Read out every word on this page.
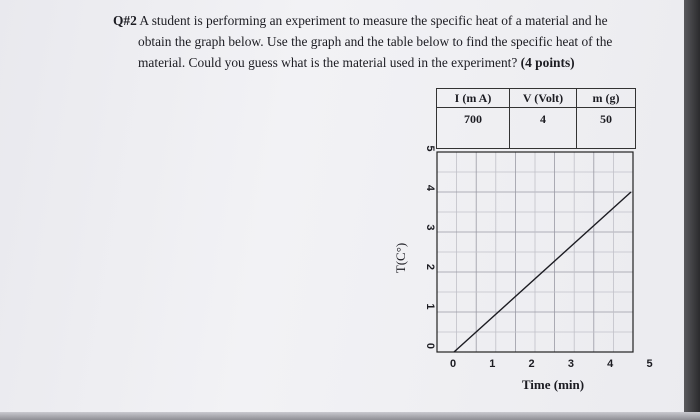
Q#2 A student is performing an experiment to measure the specific heat of a material and he
obtain the graph below. Use the graph and the table below to find the specific heat of the
material. Could you guess what is the material used in the experiment? (4 points)
I (m A)	V (Volt)	m (g)
700	4	50
0	1	2	3	4	5
0
1
2
3
4
5
Time (min)
T(C°)
